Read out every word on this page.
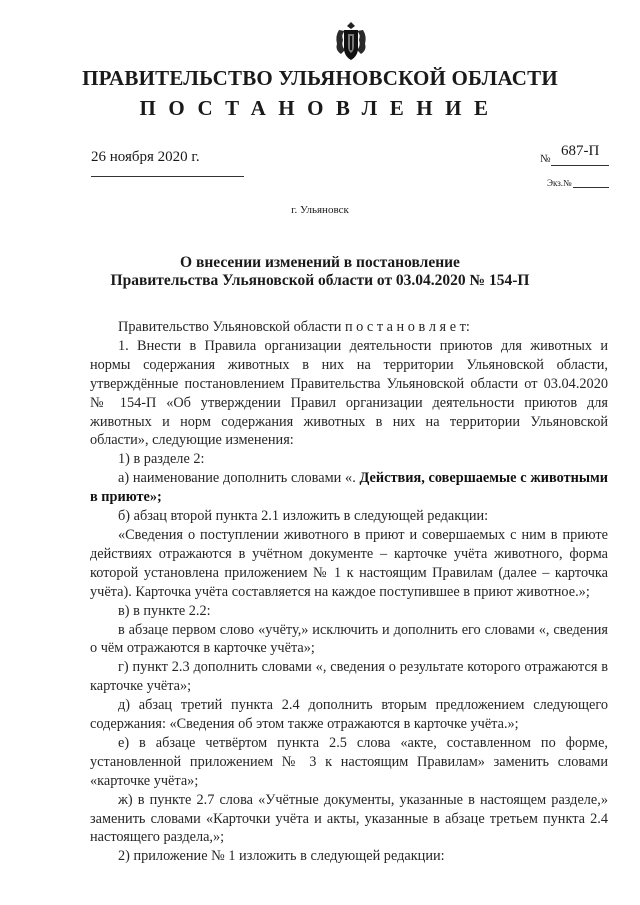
ПРАВИТЕЛЬСТВО УЛЬЯНОВСКОЙ ОБЛАСТИ
ПОСТАНОВЛЕНИЕ
26 ноября 2020 г.	№ 687-П
Экз.№
г. Ульяновск
О внесении изменений в постановление
Правительства Ульяновской области от 03.04.2020 № 154-П

Правительство Ульяновской области п о с т а н о в л я е т:

1. Внести в Правила организации деятельности приютов для животных и нормы содержания животных в них на территории Ульяновской области, утверждённые постановлением Правительства Ульяновской области от 03.04.2020 № 154-П «Об утверждении Правил организации деятельности приютов для животных и норм содержания животных в них на территории Ульяновской области», следующие изменения:

1) в разделе 2:

а) наименование дополнить словами «. Действия, совершаемые с животными в приюте»;

б) абзац второй пункта 2.1 изложить в следующей редакции:

«Сведения о поступлении животного в приют и совершаемых с ним в приюте действиях отражаются в учётном документе – карточке учёта животного, форма которой установлена приложением № 1 к настоящим Правилам (далее – карточка учёта). Карточка учёта составляется на каждое поступившее в приют животное.»;

в) в пункте 2.2:

в абзаце первом слово «учёту,» исключить и дополнить его словами «, сведения о чём отражаются в карточке учёта»;

г) пункт 2.3 дополнить словами «, сведения о результате которого отражаются в карточке учёта»;

д) абзац третий пункта 2.4 дополнить вторым предложением следующего содержания: «Сведения об этом также отражаются в карточке учёта.»;

е) в абзаце четвёртом пункта 2.5 слова «акте, составленном по форме, установленной приложением № 3 к настоящим Правилам» заменить словами «карточке учёта»;

ж) в пункте 2.7 слова «Учётные документы, указанные в настоящем разделе,» заменить словами «Карточки учёта и акты, указанные в абзаце третьем пункта 2.4 настоящего раздела,»;

2) приложение № 1 изложить в следующей редакции:
